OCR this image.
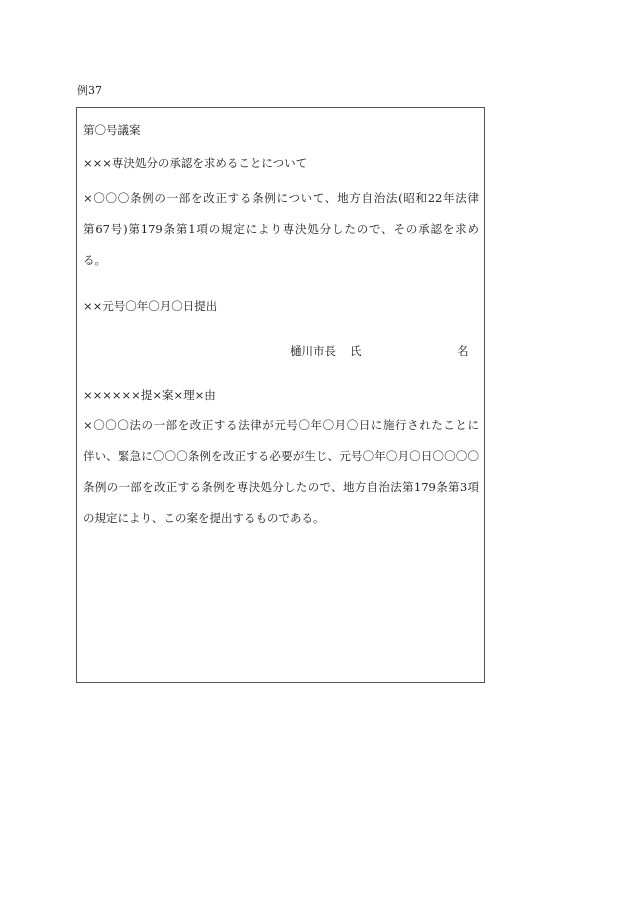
例37
第〇号議案
×××専決処分の承認を求めることについて
×〇〇〇条例の一部を改正する条例について、地方自治法(昭和22年法律
第67号)第179条第1項の規定により専決処分したので、その承認を求め
る。
××元号〇年〇月〇日提出
樋川市長 氏	名
××××××提×案×理×由
×〇〇〇法の一部を改正する法律が元号〇年〇月〇日に施行されたことに
伴い、緊急に〇〇〇条例を改正する必要が生じ、元号〇年〇月〇日〇〇〇〇
条例の一部を改正する条例を専決処分したので、地方自治法第179条第3項
の規定により、この案を提出するものである。
